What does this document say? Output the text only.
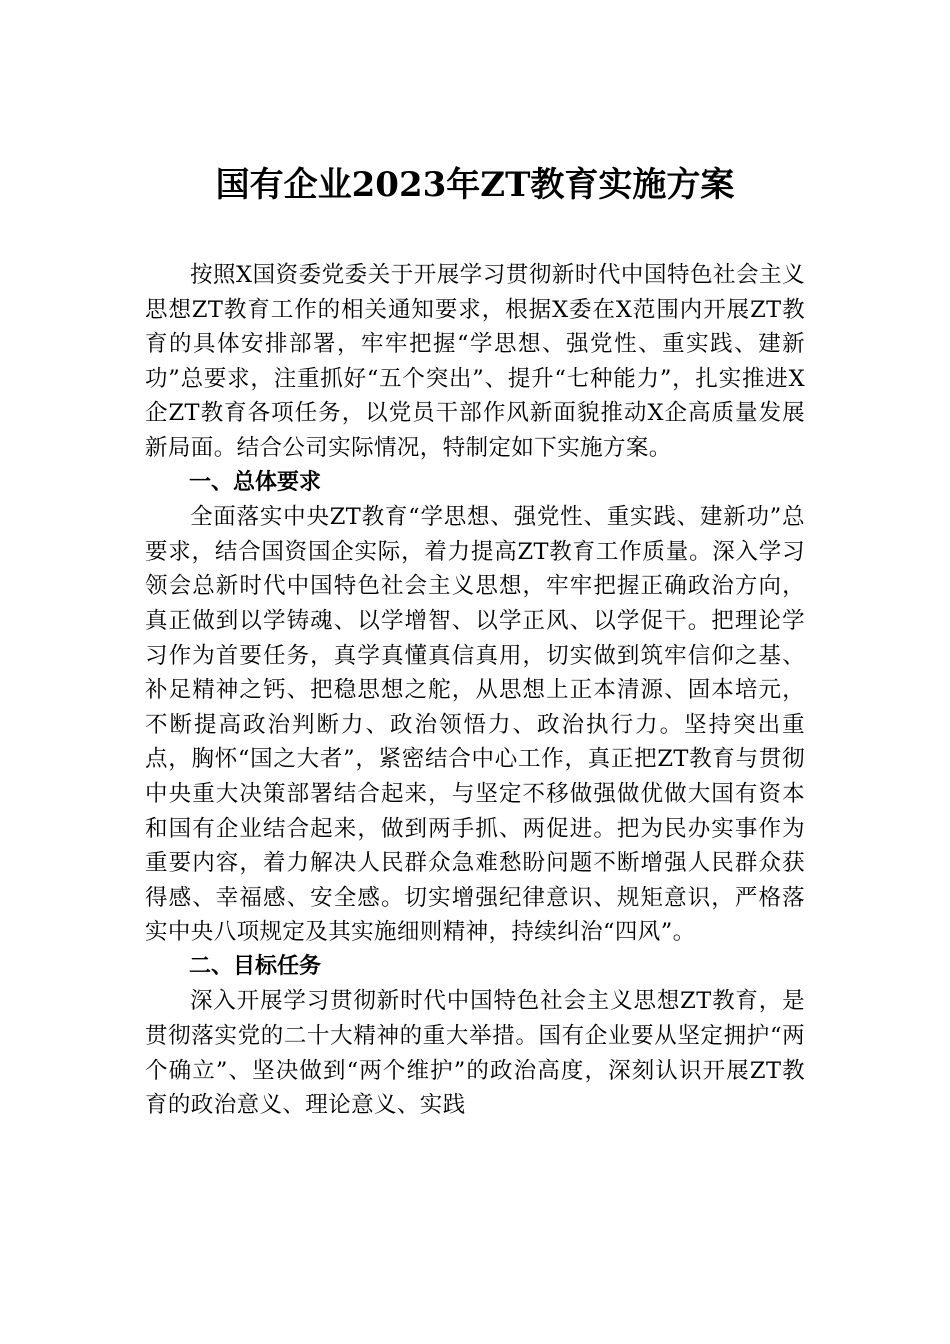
国有企业2023年ZT教育实施方案

按照X国资委党委关于开展学习贯彻新时代中国特色社会主义思想ZT教育工作的相关通知要求，根据X委在X范围内开展ZT教育的具体安排部署，牢牢把握“学思想、强党性、重实践、建新功”总要求，注重抓好“五个突出”、提升“七种能力”，扎实推进X企ZT教育各项任务，以党员干部作风新面貌推动X企高质量发展新局面。结合公司实际情况，特制定如下实施方案。

一、总体要求

全面落实中央ZT教育“学思想、强党性、重实践、建新功”总要求，结合国资国企实际，着力提高ZT教育工作质量。深入学习领会总新时代中国特色社会主义思想，牢牢把握正确政治方向，真正做到以学铸魂、以学增智、以学正风、以学促干。把理论学习作为首要任务，真学真懂真信真用，切实做到筑牢信仰之基、补足精神之钙、把稳思想之舵，从思想上正本清源、固本培元，不断提高政治判断力、政治领悟力、政治执行力。坚持突出重点，胸怀“国之大者”，紧密结合中心工作，真正把ZT教育与贯彻中央重大决策部署结合起来，与坚定不移做强做优做大国有资本和国有企业结合起来，做到两手抓、两促进。把为民办实事作为重要内容，着力解决人民群众急难愁盼问题不断增强人民群众获得感、幸福感、安全感。切实增强纪律意识、规矩意识，严格落实中央八项规定及其实施细则精神，持续纠治“四风”。

二、目标任务

深入开展学习贯彻新时代中国特色社会主义思想ZT教育，是贯彻落实党的二十大精神的重大举措。国有企业要从坚定拥护“两个确立”、坚决做到“两个维护”的政治高度，深刻认识开展ZT教育的政治意义、理论意义、实践
